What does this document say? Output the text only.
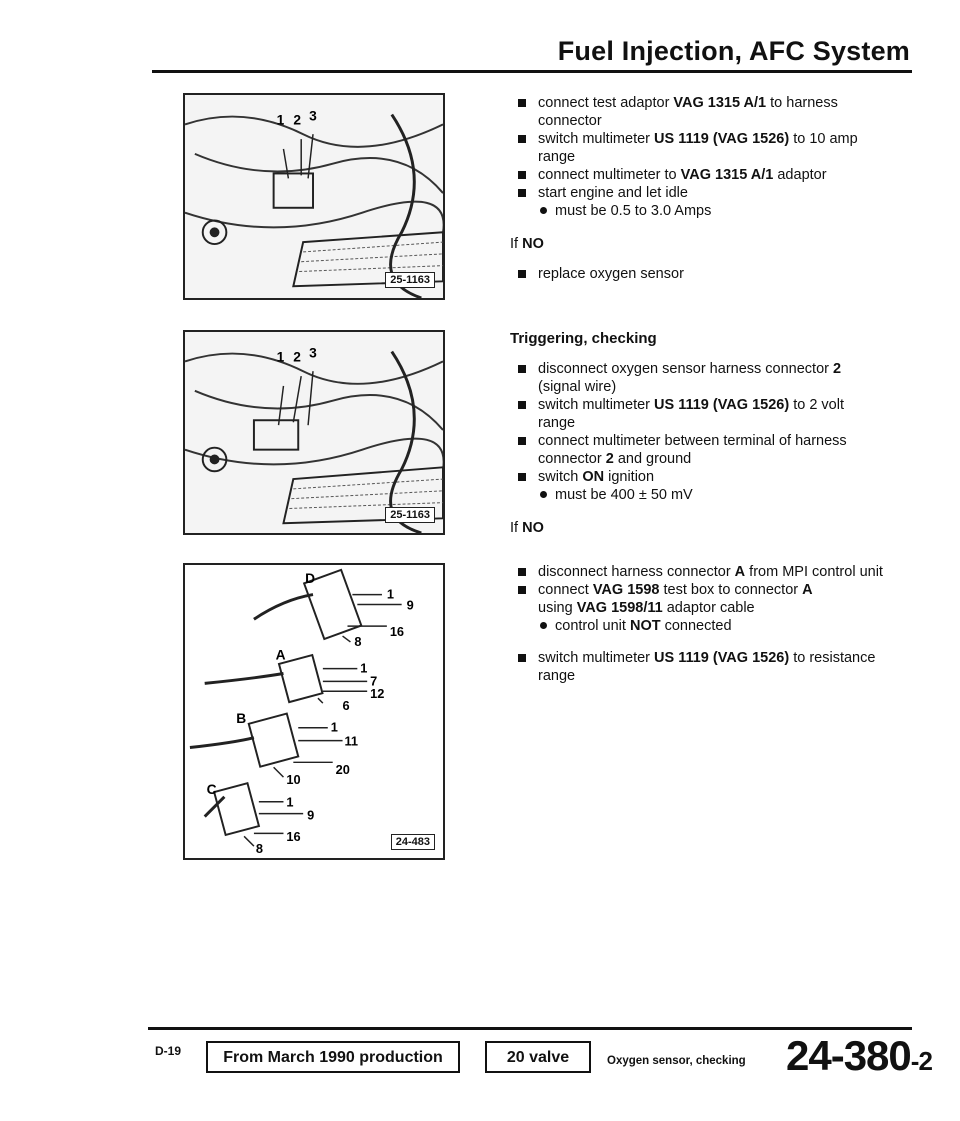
Fuel Injection, AFC System
1 2 3
25-1163
1 2 3
25-1163
D
1
9
16
8
A
1
7
12
6
B
1
11
20
10
C
1
9
16
8	24-483
connect test adaptor VAG 1315 A/1 to harness connector
switch multimeter US 1119 (VAG 1526) to 10 amp range
connect multimeter to VAG 1315 A/1 adaptor
start engine and let idle
must be 0.5 to 3.0 Amps
If NO
replace oxygen sensor
Triggering, checking
disconnect oxygen sensor harness connector 2 (signal wire)
switch multimeter US 1119 (VAG 1526) to 2 volt range
connect multimeter between terminal of harness connector 2 and ground
switch ON ignition
must be 400 ± 50 mV
If NO
disconnect harness connector A from MPI control unit
connect VAG 1598 test box to connector A
using VAG 1598/11 adaptor cable
control unit NOT connected
switch multimeter US 1119 (VAG 1526) to resistance range
D-19	From March 1990 production	20 valve	Oxygen sensor, checking 24-380-2
